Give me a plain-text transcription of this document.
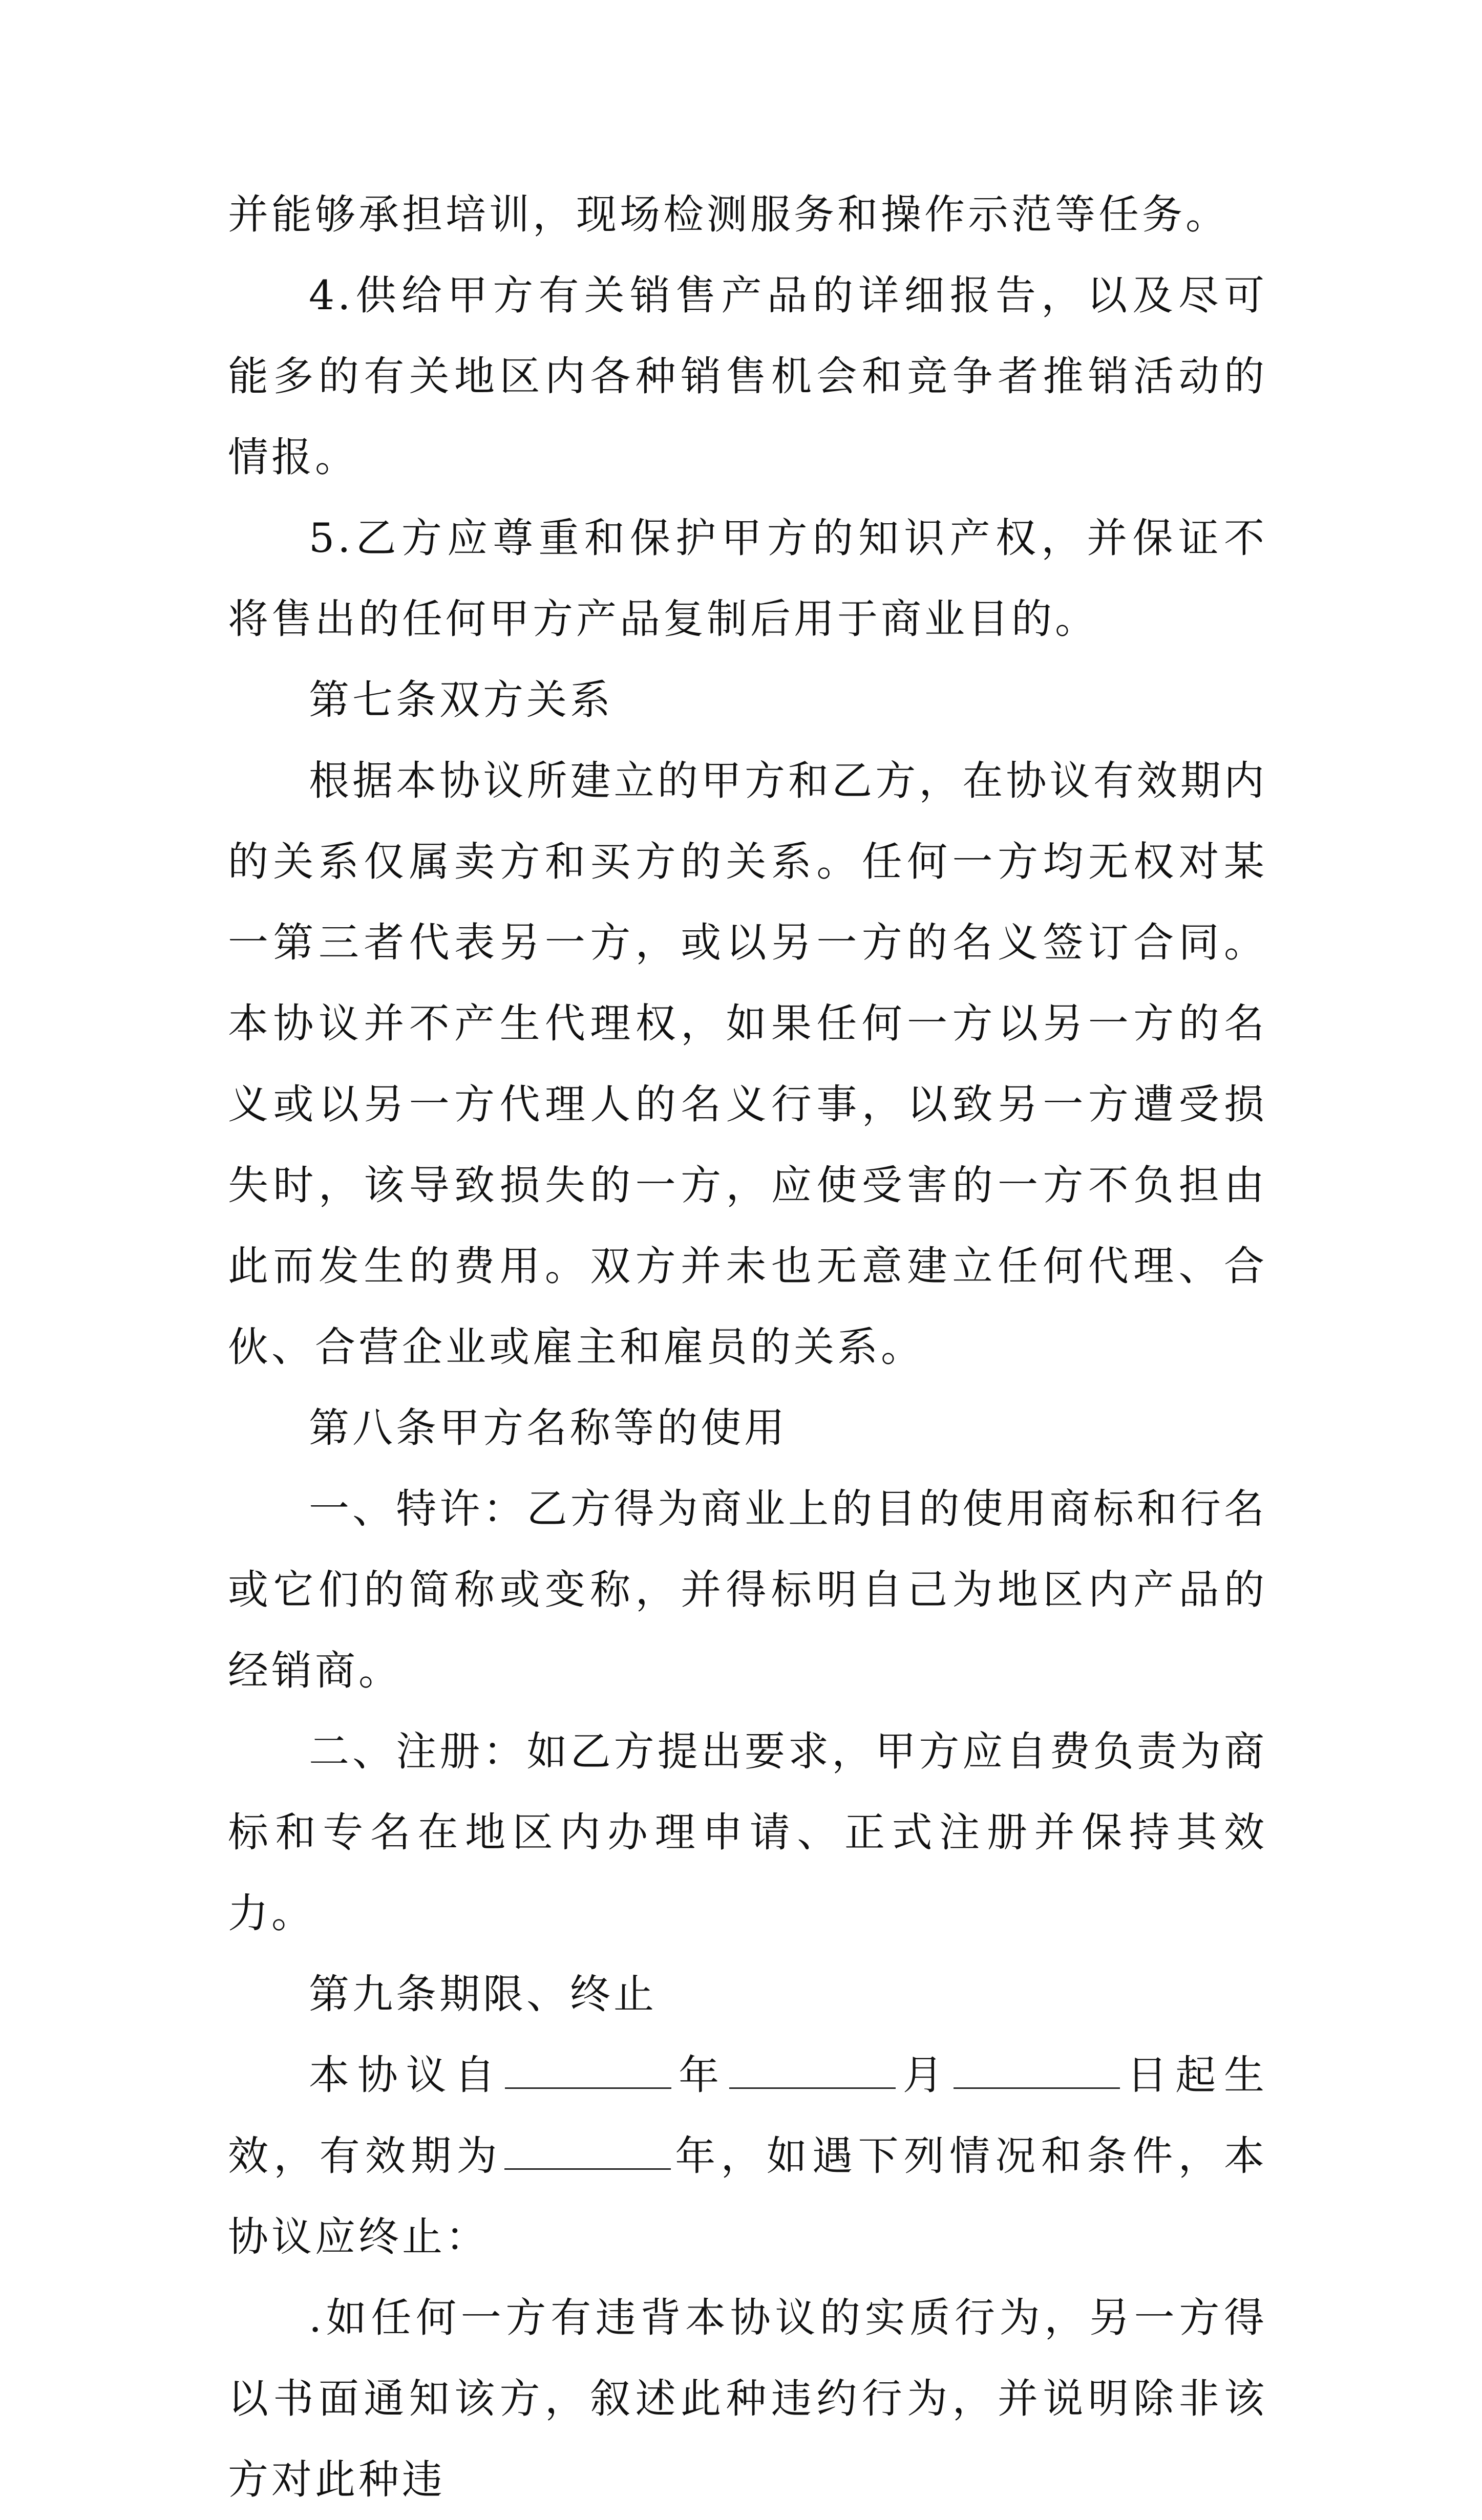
并能够承担培训，现场检测服务和操作示范等任务。

4.供给甲方有关销售产品的详细报告，以及尽可能多的有关地区内各种销售机会和竞争者推销活动的情报。

5.乙方应尊重和保护甲方的知识产权，并保证不将售出的任何甲方产品复制后用于商业目的。

第七条双方关系

根据本协议所建立的甲方和乙方，在协议有效期内的关系仅属卖方和买方的关系。任何一方均无权对某一第三者代表另一方，或以另一方的名义签订合同。本协议并不产生代理权，如果任何一方以另一方的名义或以另一方代理人的名义行事，以致另一方遭受损失时，该导致损失的一方，应使受害的一方不负担由此而发生的费用。双方并未也无意建立任何代理、合伙、合营企业或雇主和雇员的关系。

第八条甲方名称等的使用

一、特许：乙方得为商业上的目的使用商标和行名或它们的简称或变称，并得标明自己为地区内产品的经销商。

二、注册：如乙方提出要求，甲方应自费负责为商标和专名在地区内办理申请、正式注册并保持其效力。

第九条期限、终止

本协议自	年	月	日起生效，有效期为	年，如遇下列情况和条件，本协议应终止：

.如任何一方有违背本协议的实质行为，另一方得以书面通知该方，叙述此种违约行为，并说明除非该方对此种违
